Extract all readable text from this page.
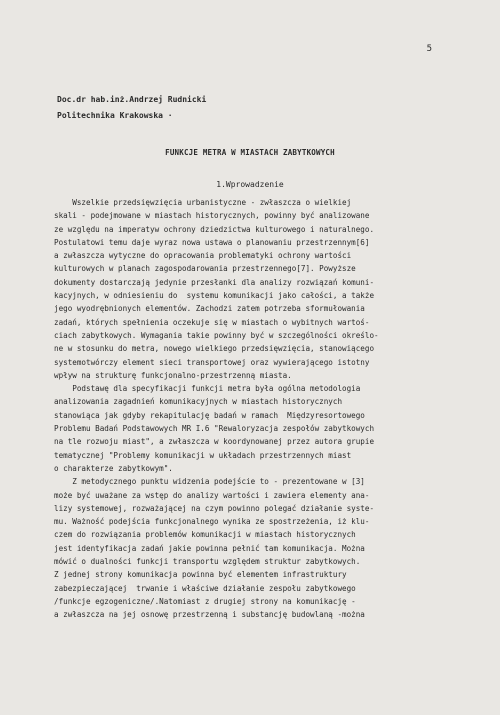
5
Doc.dr hab.inż.Andrzej Rudnicki
Politechnika Krakowska ·
FUNKCJE METRA W MIASTACH ZABYTKOWYCH
1.Wprowadzenie
Wszelkie przedsięwzięcia urbanistyczne - zwłaszcza o wielkiej
skali - podejmowane w miastach historycznych, powinny być analizowane
ze względu na imperatyw ochrony dziedzictwa kulturowego i naturalnego.
Postulatowi temu daje wyraz nowa ustawa o planowaniu przestrzennym[6]
a zwłaszcza wytyczne do opracowania problematyki ochrony wartości
kulturowych w planach zagospodarowania przestrzennego[7]. Powyższe
dokumenty dostarczają jedynie przesłanki dla analizy rozwiązań komuni-
kacyjnych, w odniesieniu do  systemu komunikacji jako całości, a także
jego wyodrębnionych elementów. Zachodzi zatem potrzeba sformułowania
zadań, których spełnienia oczekuje się w miastach o wybitnych wartoś-
ciach zabytkowych. Wymagania takie powinny być w szczególności określo-
ne w stosunku do metra, nowego wielkiego przedsięwzięcia, stanowiącego
systemotwórczy element sieci transportowej oraz wywierającego istotny
wpływ na strukturę funkcjonalno-przestrzenną miasta.
Podstawę dla specyfikacji funkcji metra była ogólna metodologia
analizowania zagadnień komunikacyjnych w miastach historycznych
stanowiąca jak gdyby rekapitulację badań w ramach  Międzyresortowego
Problemu Badań Podstawowych MR I.6 "Rewaloryzacja zespołów zabytkowych
na tle rozwoju miast", a zwłaszcza w koordynowanej przez autora grupie
tematycznej "Problemy komunikacji w układach przestrzennych miast
o charakterze zabytkowym".
Z metodycznego punktu widzenia podejście to - prezentowane w [3]
może być uważane za wstęp do analizy wartości i zawiera elementy ana-
lizy systemowej, rozważającej na czym powinno polegać działanie syste-
mu. Ważność podejścia funkcjonalnego wynika ze spostrzeżenia, iż klu-
czem do rozwiązania problemów komunikacji w miastach historycznych
jest identyfikacja zadań jakie powinna pełnić tam komunikacja. Można
mówić o dualności funkcji transportu względem struktur zabytkowych.
Z jednej strony komunikacja powinna być elementem infrastruktury
zabezpieczającej  trwanie i właściwe działanie zespołu zabytkowego
/funkcje egzogeniczne/.Natomiast z drugiej strony na komunikację -
a zwłaszcza na jej osnowę przestrzenną i substancję budowlaną -można
